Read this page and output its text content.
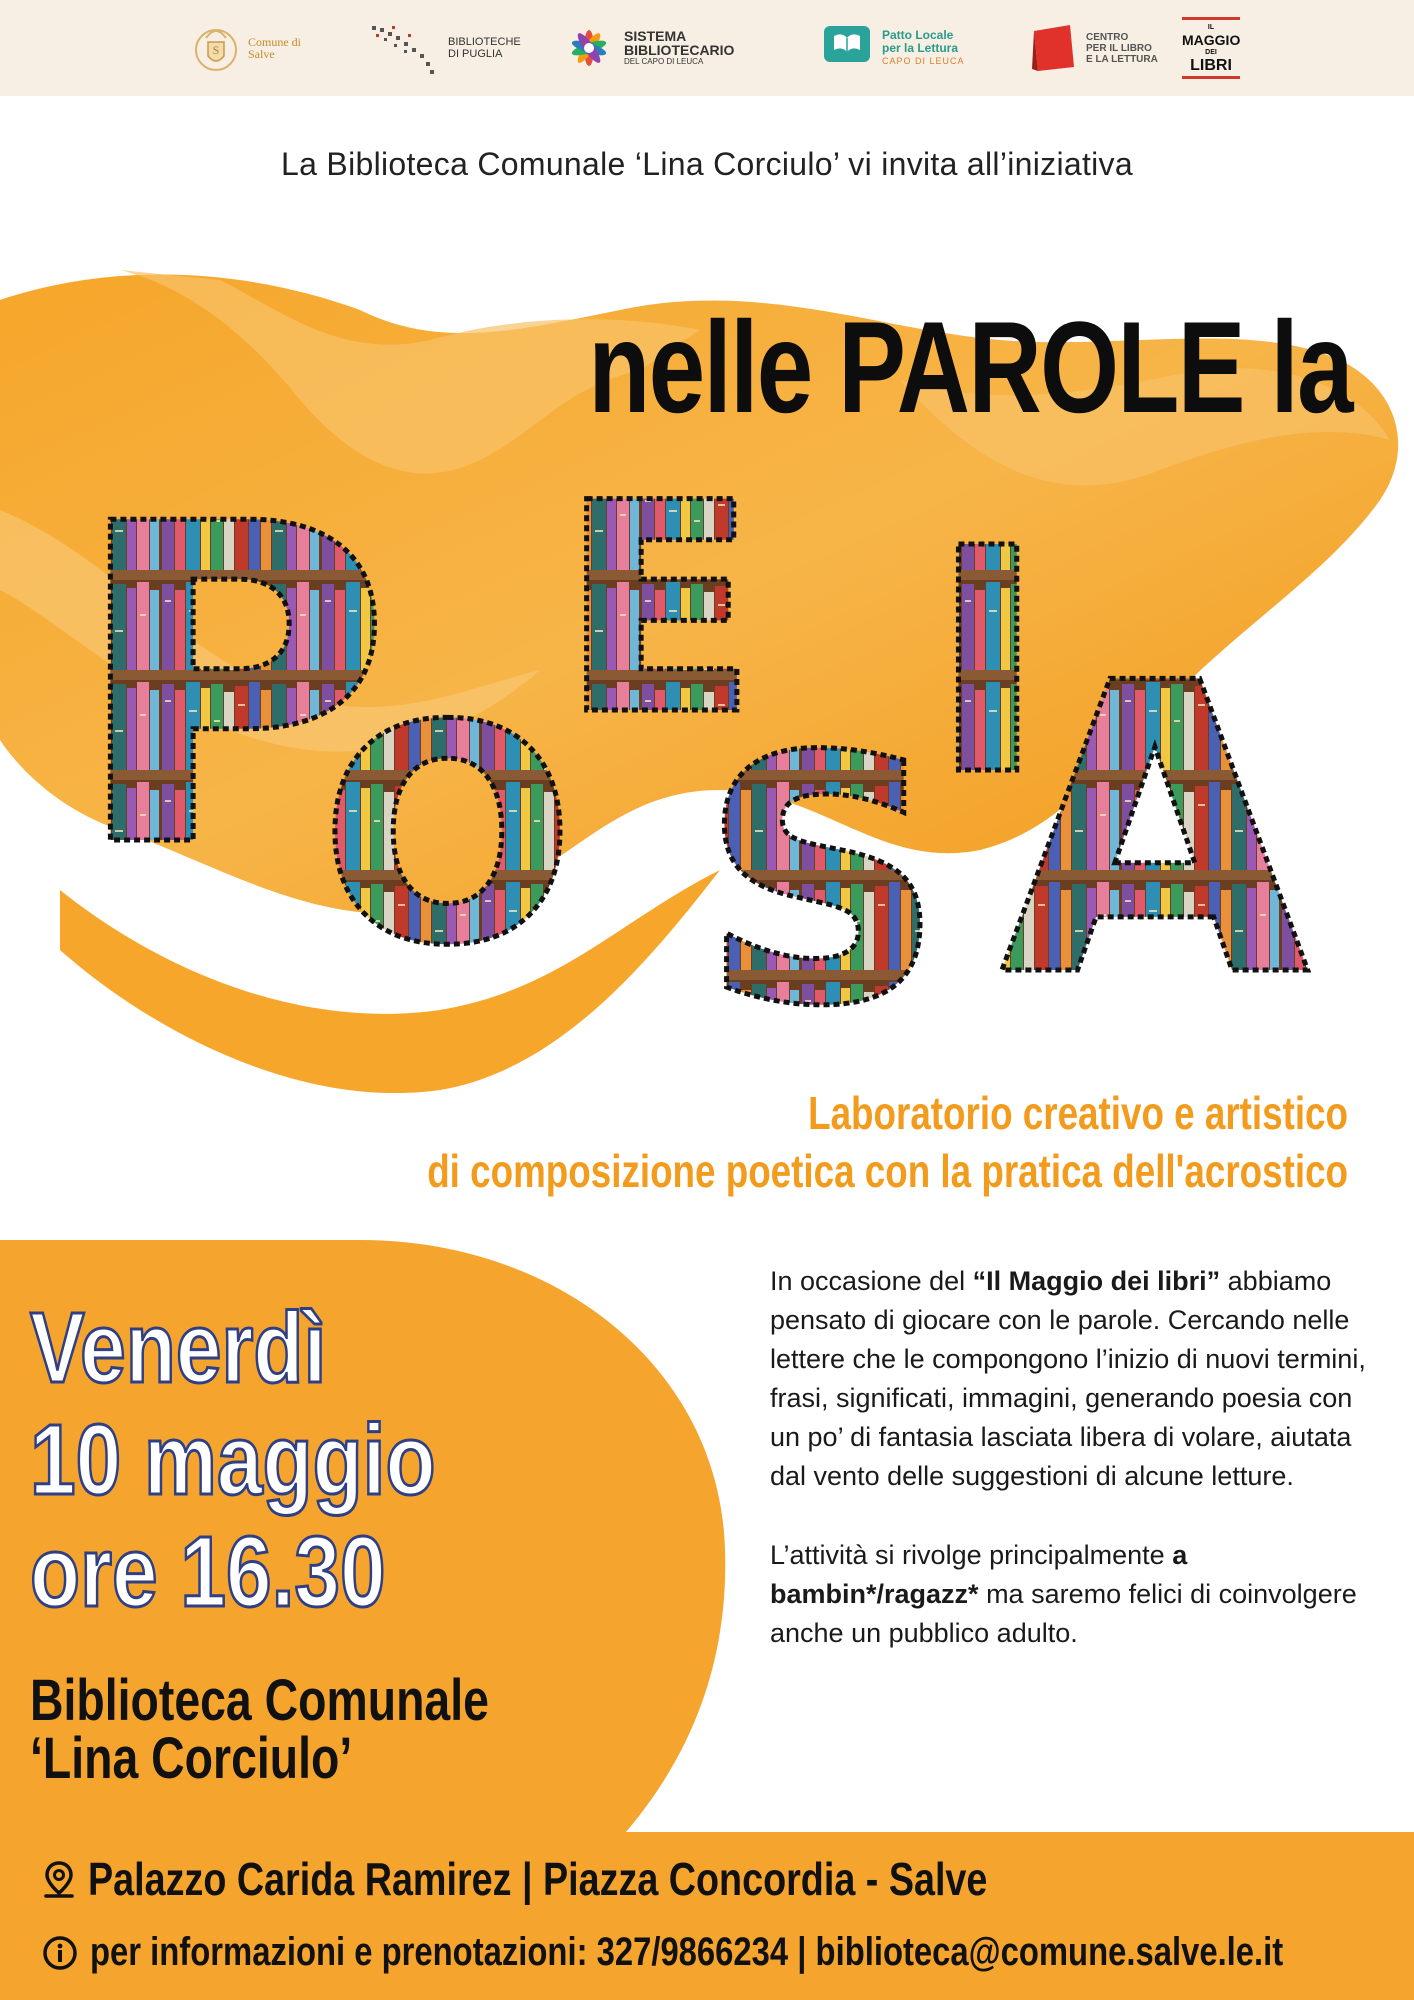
S
Comune di Salve
BIBLIOTECHE
DI PUGLIA
SISTEMA
BIBLIOTECARIO
DEL CAPO DI LEUCA
Patto Locale
per la Lettura
CAPO DI LEUCA
CENTRO
PER IL LIBRO
E LA LETTURA
IL
MAGGIO
DEI
LIBRI
La Biblioteca Comunale ‘Lina Corciulo’ vi invita all’iniziativa
nelle PAROLE la
P
O
E
S
I
A
Laboratorio creativo e artistico
di composizione poetica con la pratica dell'acrostico
Venerdì
10 maggio
ore 16.30
Biblioteca Comunale
‘Lina Corciulo’

In occasione del “Il Maggio dei libri” abbiamo pensato di giocare con le parole. Cercando nelle lettere che le compongono l’inizio di nuovi termini, frasi, significati, immagini, generando poesia con un po’ di fantasia lasciata libera di volare, aiutata dal vento delle suggestioni di alcune letture.

L’attività si rivolge principalmente a bambin*/ragazz* ma saremo felici di coinvolgere anche un pubblico adulto.

Palazzo Carida Ramirez | Piazza Concordia - Salve
per informazioni e prenotazioni: 327/9866234 | biblioteca@comune.salve.le.it
